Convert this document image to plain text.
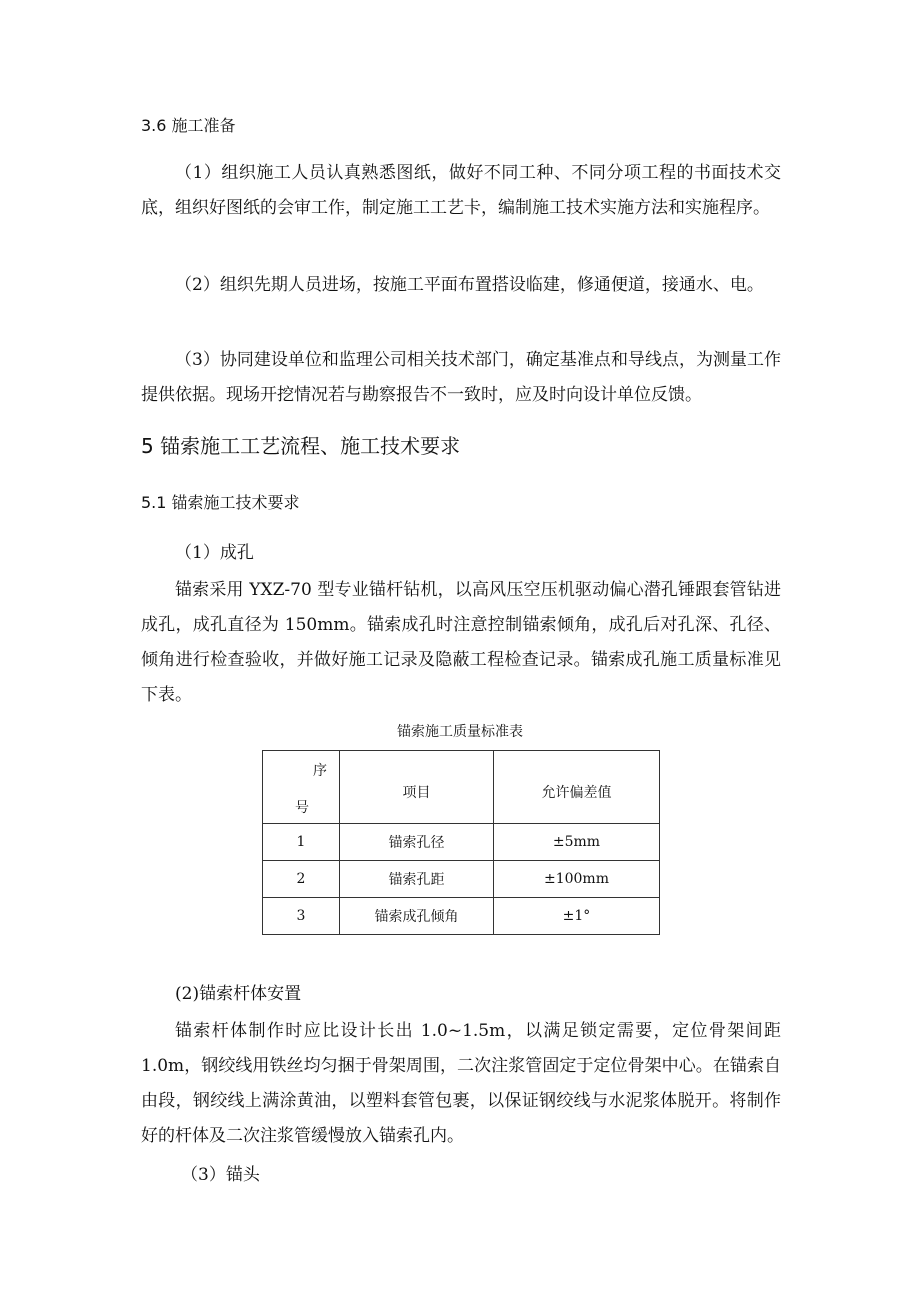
3.6 施工准备

（1）组织施工人员认真熟悉图纸，做好不同工种、不同分项工程的书面技术交底，组织好图纸的会审工作，制定施工工艺卡，编制施工技术实施方法和实施程序。

（2）组织先期人员进场，按施工平面布置搭设临建，修通便道，接通水、电。

（3）协同建设单位和监理公司相关技术部门，确定基准点和导线点，为测量工作提供依据。现场开挖情况若与勘察报告不一致时，应及时向设计单位反馈。

5 锚索施工工艺流程、施工技术要求
5.1 锚索施工技术要求
（1）成孔

锚索采用 YXZ-70 型专业锚杆钻机，以高风压空压机驱动偏心潜孔锤跟套管钻进成孔，成孔直径为 150mm。锚索成孔时注意控制锚索倾角，成孔后对孔深、孔径、倾角进行检查验收，并做好施工记录及隐蔽工程检查记录。锚索成孔施工质量标准见下表。

锚索施工质量标准表
序
号	项目	允许偏差值

1	锚索孔径	±5mm
2	锚索孔距	±100mm
3	锚索成孔倾角	±1°
(2)锚索杆体安置

锚索杆体制作时应比设计长出 1.0~1.5m，以满足锁定需要，定位骨架间距 1.0m，钢绞线用铁丝均匀捆于骨架周围，二次注浆管固定于定位骨架中心。在锚索自由段，钢绞线上满涂黄油，以塑料套管包裹，以保证钢绞线与水泥浆体脱开。将制作好的杆体及二次注浆管缓慢放入锚索孔内。

（3）锚头
